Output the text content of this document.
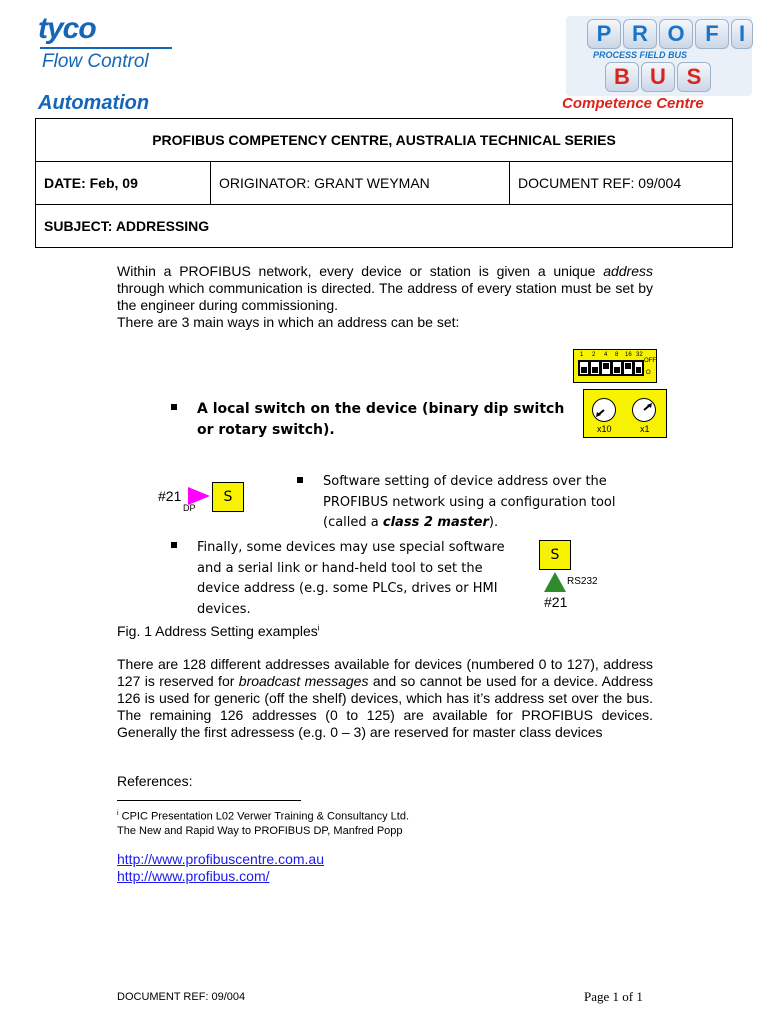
tyco
Flow Control
Automation
P R O F I
PROCESS FIELD BUS
B U S
Competence Centre
PROFIBUS COMPETENCY CENTRE, AUSTRALIA TECHNICAL SERIES
DATE: Feb, 09	ORIGINATOR: GRANT WEYMAN	DOCUMENT REF: 09/004
SUBJECT: ADDRESSING
Within a PROFIBUS network, every device or station is given a unique address through which communication is directed. The address of every station must be set by the engineer during commissioning.
There are 3 main ways in which an address can be set:
A local switch on the device (binary dip switch
or rotary switch).
1 2 4 8 16 32
OFF
O
x10	x1
#21
DP
S
Software setting of device address over the PROFIBUS network using a configuration tool (called a class 2 master).
Finally, some devices may use special software and a serial link or hand-held tool to set the device address (e.g. some PLCs, drives or HMI devices.
S
RS232
#21
Fig. 1 Address Setting examples$^i$
There are 128 different addresses available for devices (numbered 0 to 127), address 127 is reserved for broadcast messages and so cannot be used for a device. Address 126 is used for generic (off the shelf) devices, which has it’s address set over the bus. The remaining 126 addresses (0 to 125) are available for PROFIBUS devices. Generally the first adressess (e.g. 0 – 3) are reserved for master class devices
References:
$^i$ CPIC Presentation L02 Verwer Training & Consultancy Ltd.
The New and Rapid Way to PROFIBUS DP, Manfred Popp
http://www.profibuscentre.com.au
http://www.profibus.com/
DOCUMENT REF: 09/004	Page 1 of 1
